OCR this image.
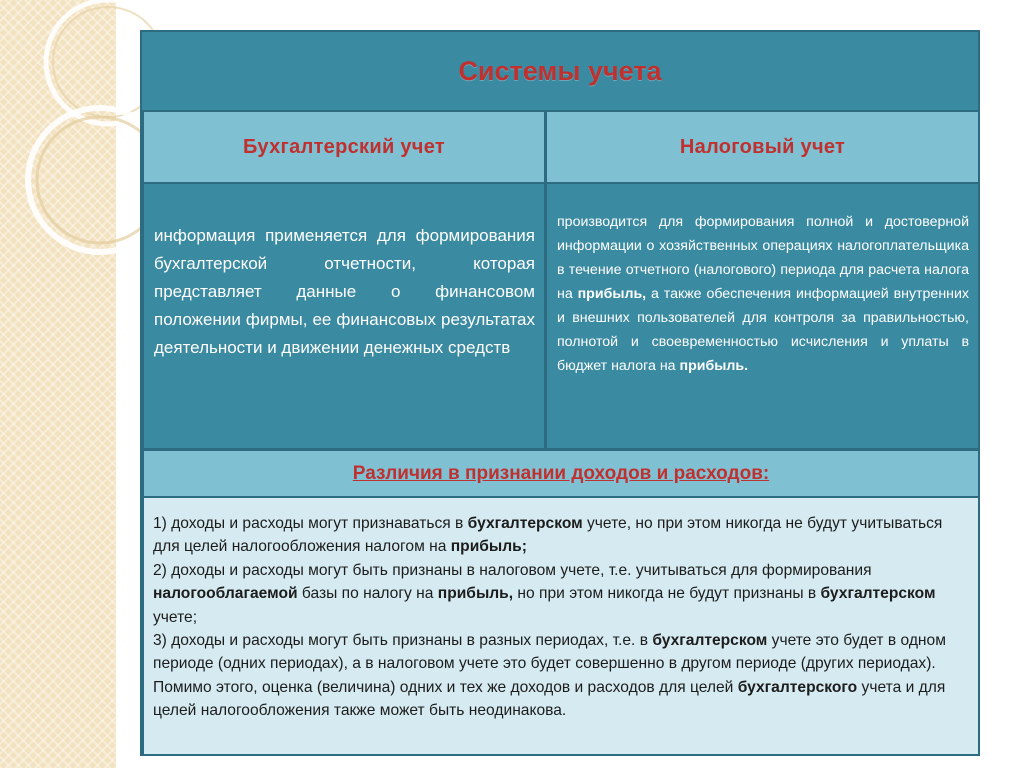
Системы учета
Бухгалтерский учет	Налоговый учет
информация применяется для формирования бухгалтерской отчетности, которая представляет данные о финансовом положении фирмы, ее финансовых результатах деятельности и движении денежных средств
производится для формирования полной и достоверной информации о хозяйственных операциях налогоплательщика в течение отчетного (налогового) периода для расчета налога на прибыль, а также обеспечения информацией внутренних и внешних пользователей для контроля за правильностью, полнотой и своевременностью исчисления и уплаты в бюджет налога на прибыль.
Различия в признании доходов и расходов:

1) доходы и расходы могут признаваться в бухгалтерском учете, но при этом никогда не будут учитываться для целей налогообложения налогом на прибыль;

2) доходы и расходы могут быть признаны в налоговом учете, т.е. учитываться для формирования налогооблагаемой базы по налогу на прибыль, но при этом никогда не будут признаны в бухгалтерском учете;

3) доходы и расходы могут быть признаны в разных периодах, т.е. в бухгалтерском учете это будет в одном периоде (одних периодах), а в налоговом учете это будет совершенно в другом периоде (других периодах).

Помимо этого, оценка (величина) одних и тех же доходов и расходов для целей бухгалтерского учета и для целей налогообложения также может быть неодинакова.
